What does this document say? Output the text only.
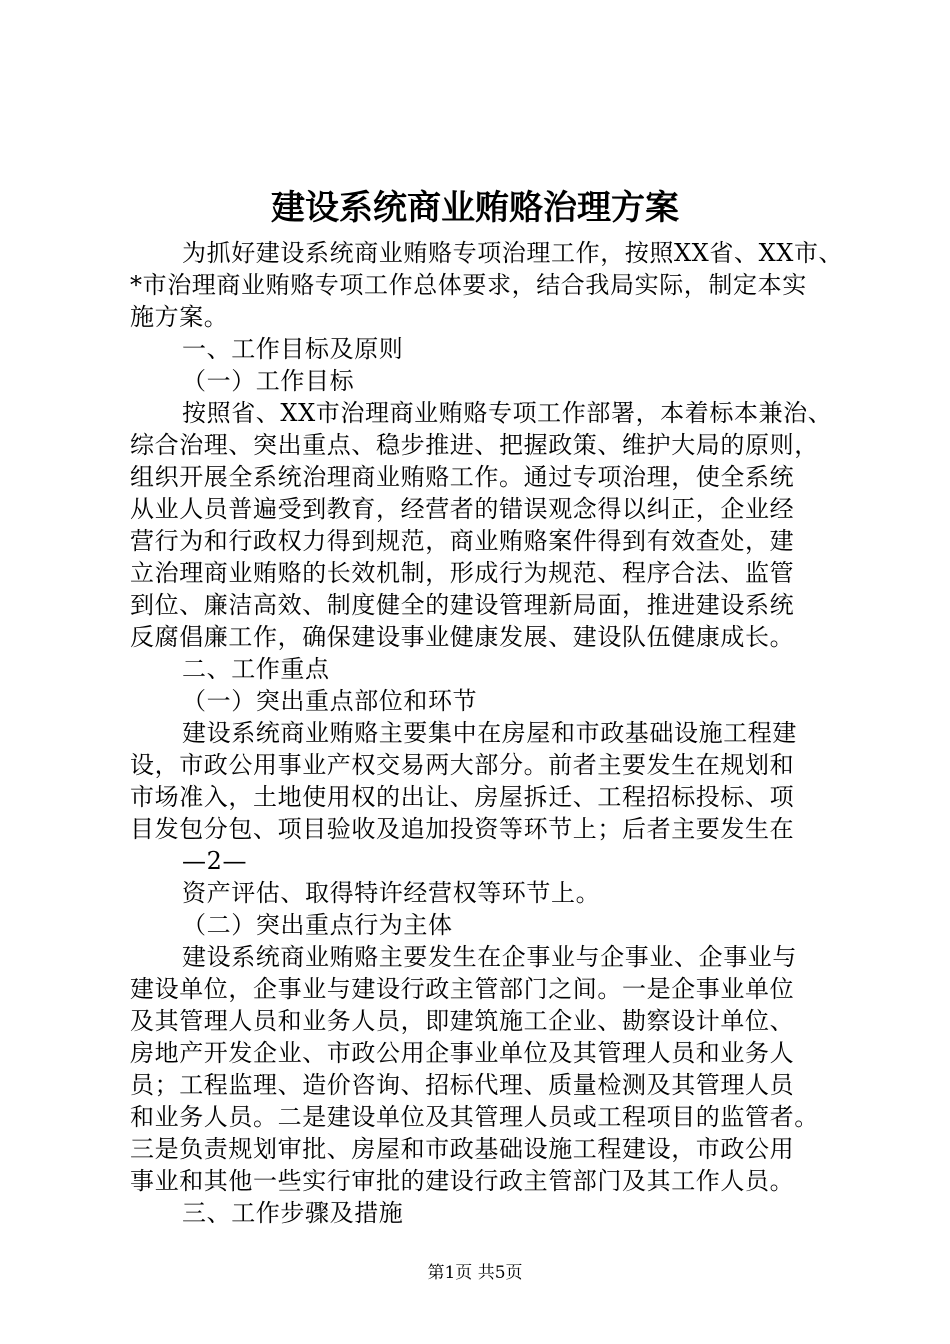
建设系统商业贿赂治理方案
为抓好建设系统商业贿赂专项治理工作，按照XX省、XX市、
*市治理商业贿赂专项工作总体要求，结合我局实际，制定本实
施方案。
一、工作目标及原则
（一）工作目标
按照省、XX市治理商业贿赂专项工作部署，本着标本兼治、
综合治理、突出重点、稳步推进、把握政策、维护大局的原则，
组织开展全系统治理商业贿赂工作。通过专项治理，使全系统
从业人员普遍受到教育，经营者的错误观念得以纠正，企业经
营行为和行政权力得到规范，商业贿赂案件得到有效查处，建
立治理商业贿赂的长效机制，形成行为规范、程序合法、监管
到位、廉洁高效、制度健全的建设管理新局面，推进建设系统
反腐倡廉工作，确保建设事业健康发展、建设队伍健康成长。
二、工作重点
（一）突出重点部位和环节
建设系统商业贿赂主要集中在房屋和市政基础设施工程建
设，市政公用事业产权交易两大部分。前者主要发生在规划和
市场准入，土地使用权的出让、房屋拆迁、工程招标投标、项
目发包分包、项目验收及追加投资等环节上；后者主要发生在
—2—
资产评估、取得特许经营权等环节上。
（二）突出重点行为主体
建设系统商业贿赂主要发生在企事业与企事业、企事业与
建设单位，企事业与建设行政主管部门之间。一是企事业单位
及其管理人员和业务人员，即建筑施工企业、勘察设计单位、
房地产开发企业、市政公用企事业单位及其管理人员和业务人
员；工程监理、造价咨询、招标代理、质量检测及其管理人员
和业务人员。二是建设单位及其管理人员或工程项目的监管者。
三是负责规划审批、房屋和市政基础设施工程建设，市政公用
事业和其他一些实行审批的建设行政主管部门及其工作人员。
三、工作步骤及措施
第1页 共5页
